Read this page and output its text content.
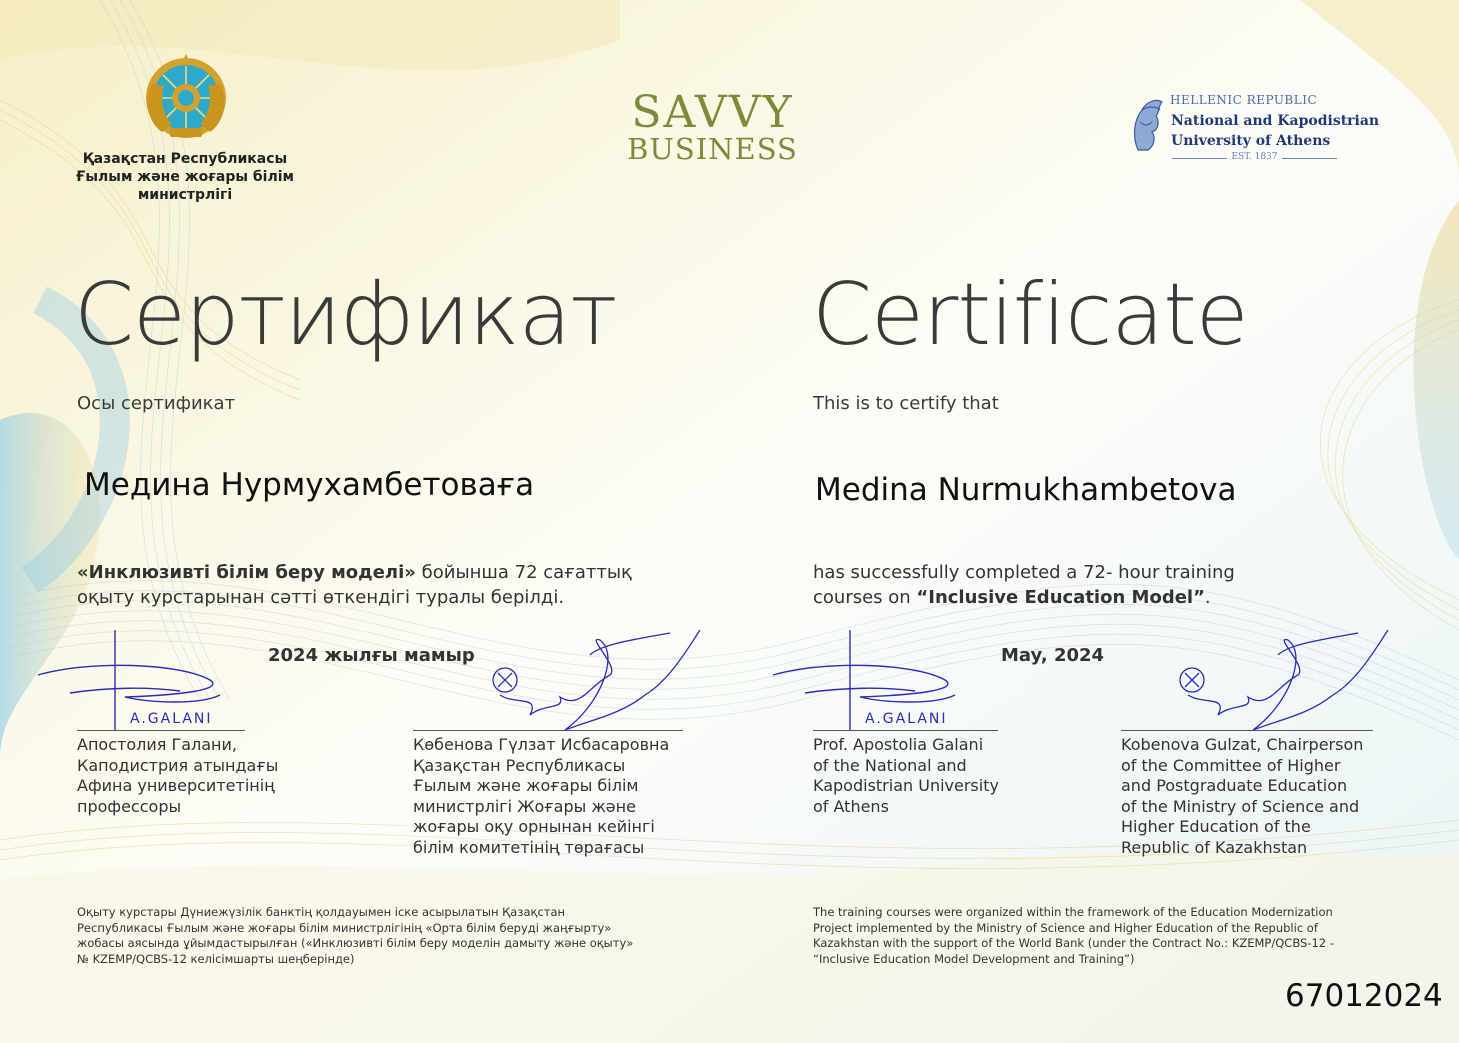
Қазақстан Республикасы
Ғылым және жоғары білім
министрлігі
SAVVY
BUSINESS
HELLENIC REPUBLIC
National and Kapodistrian
University of Athens
EST. 1837
Сертификат Certificate
Осы сертификат	This is to certify that
Медина Нурмухамбетоваға	Medina Nurmukhambetova
«Инклюзивті білім беру моделі» бойынша 72 сағаттық
оқыту курстарынан сәтті өткендігі туралы берілді.
has successfully completed a 72- hour training
courses on “Inclusive Education Model”.
2024 жылғы мамыр	May, 2024
A.GALANI	A.GALANI
Апостолия Галани,
Каподистрия атындағы
Афина университетінің
профессоры
Көбенова Гүлзат Исбасаровна
Қазақстан Республикасы
Ғылым және жоғары білім
министрлігі Жоғары және
жоғары оқу орнынан кейінгі
білім комитетінің төрағасы
Prof. Apostolia Galani
of the National and
Kapodistrian University
of Athens
Kobenova Gulzat, Chairperson
of the Committee of Higher
and Postgraduate Education
of the Ministry of Science and
Higher Education of the
Republic of Kazakhstan
Оқыту курстары Дүниежүзілік банктің қолдауымен іске асырылатын Қазақстан
Республикасы Ғылым және жоғары білім министрлігінің «Орта білім беруді жаңғырту»
жобасы аясында ұйымдастырылған («Инклюзивті білім беру моделін дамыту және оқыту»
№ KZEMP/QCBS-12 келісімшарты шеңберінде)
The training courses were organized within the framework of the Education Modernization
Project implemented by the Ministry of Science and Higher Education of the Republic of
Kazakhstan with the support of the World Bank (under the Contract No.: KZEMP/QCBS-12 -
“Inclusive Education Model Development and Training”)
67012024
